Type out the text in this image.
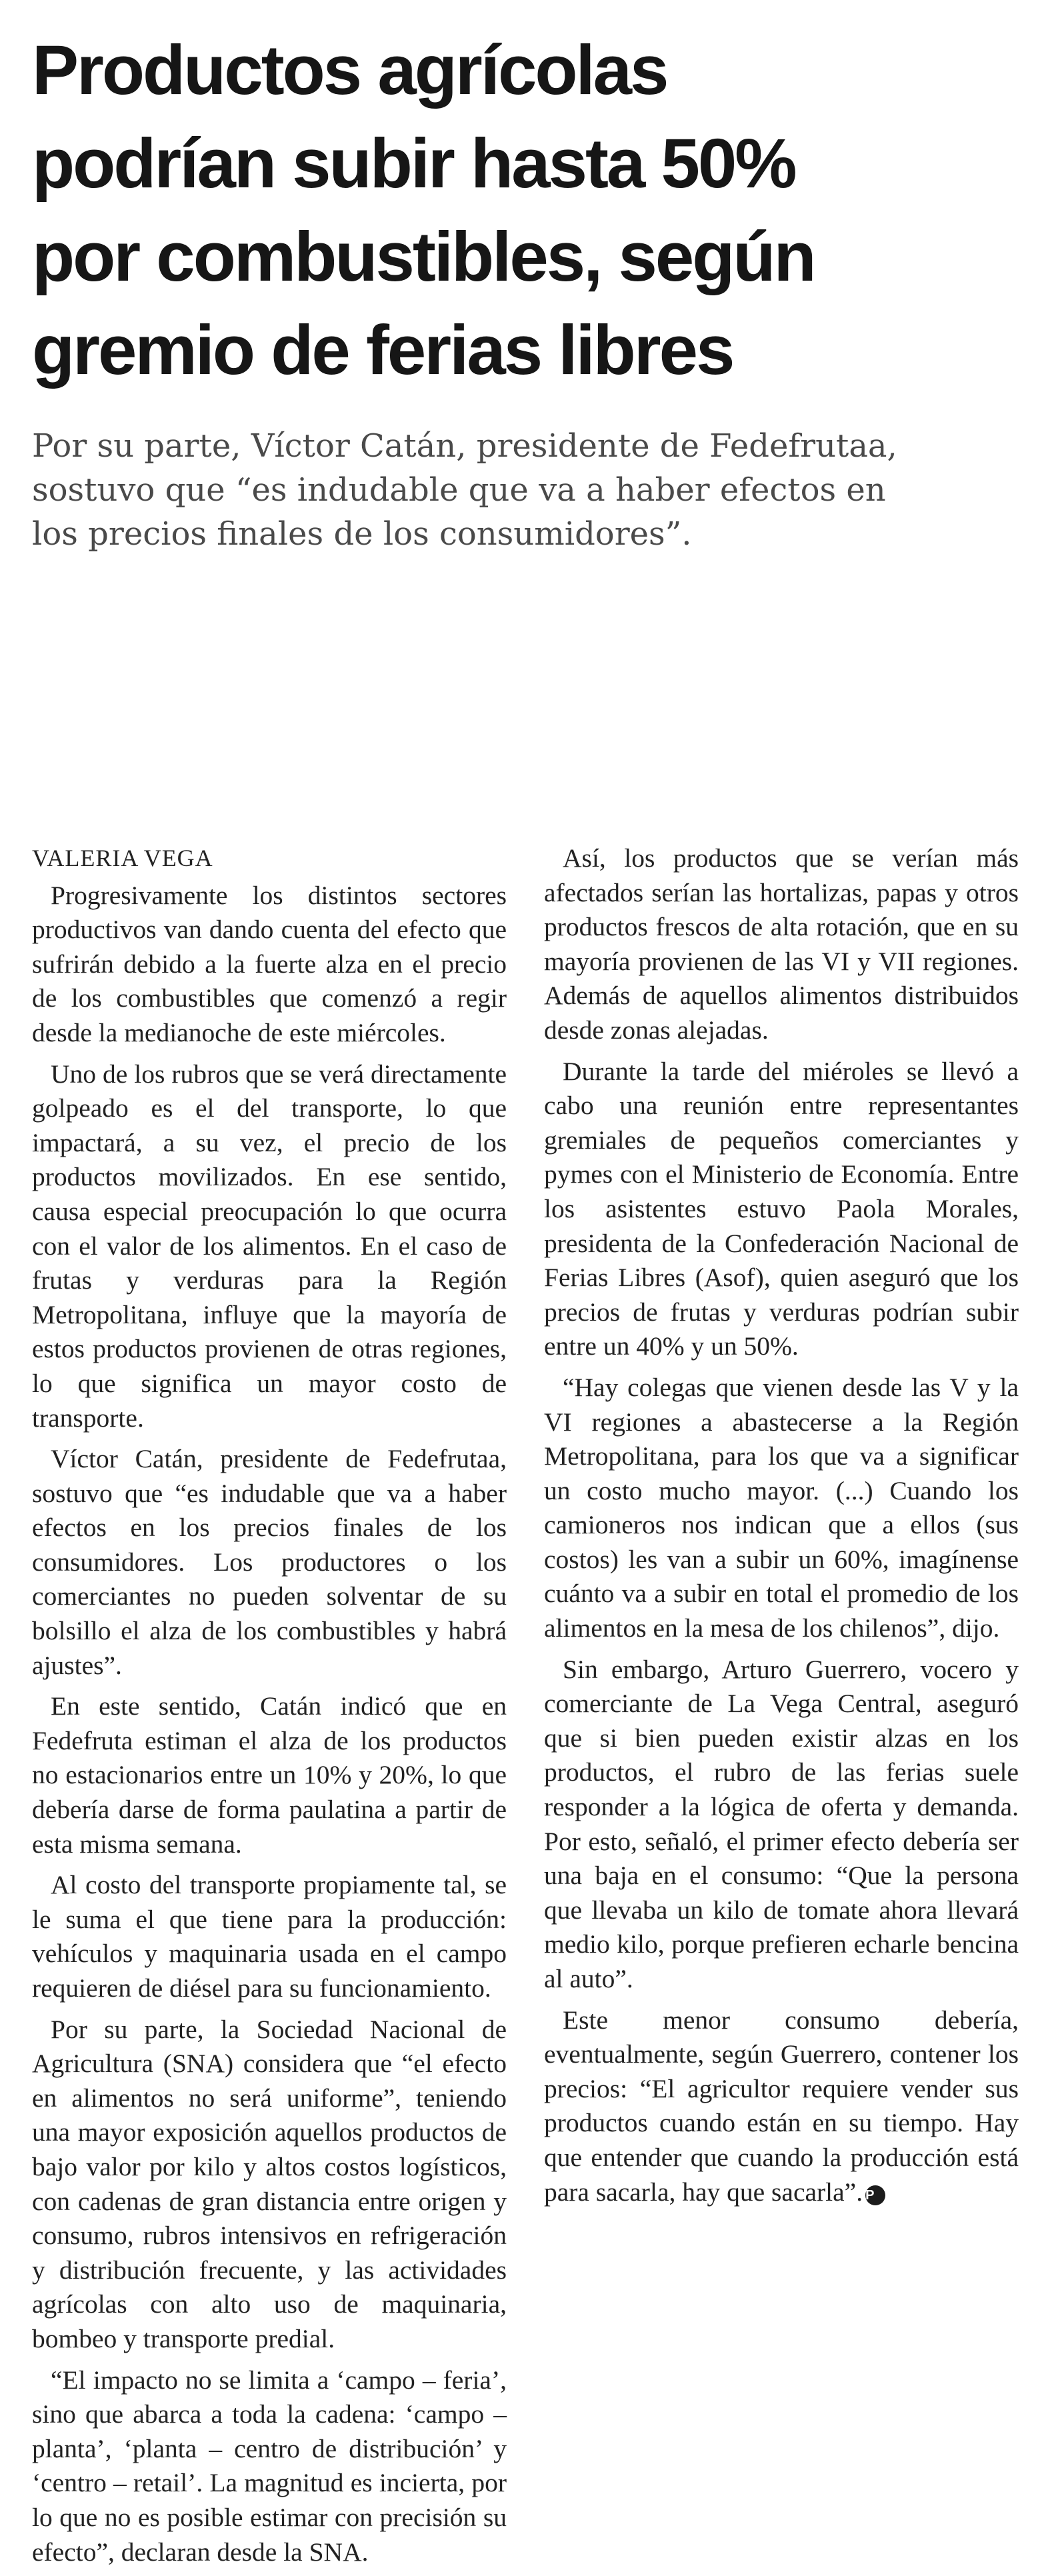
Productos agrícolas
podrían subir hasta 50%
por combustibles, según
gremio de ferias libres
Por su parte, Víctor Catán, presidente de Fedefrutaa,
sostuvo que “es indudable que va a haber efectos en
los precios finales de los consumidores”.
VALERIA VEGA

Progresivamente los distintos sectores productivos van dando cuenta del efecto que sufrirán debido a la fuerte alza en el precio de los combustibles que comenzó a regir desde la medianoche de este miércoles.

Uno de los rubros que se verá directamente golpeado es el del transporte, lo que impactará, a su vez, el precio de los productos movilizados. En ese sentido, causa especial preocupación lo que ocurra con el valor de los alimentos. En el caso de frutas y verduras para la Región Metropolitana, influye que la mayoría de estos productos provienen de otras regiones, lo que significa un mayor costo de transporte.

Víctor Catán, presidente de Fedefrutaa, sostuvo que “es indudable que va a haber efectos en los precios finales de los consumidores. Los productores o los comerciantes no pueden solventar de su bolsillo el alza de los combustibles y habrá ajustes”.

En este sentido, Catán indicó que en Fedefruta estiman el alza de los productos no estacionarios entre un 10% y 20%, lo que debería darse de forma paulatina a partir de esta misma semana.

Al costo del transporte propiamente tal, se le suma el que tiene para la producción: vehículos y maquinaria usada en el campo requieren de diésel para su funcionamiento.

Por su parte, la Sociedad Nacional de Agricultura (SNA) considera que “el efecto en alimentos no será uniforme”, teniendo una mayor exposición aquellos productos de bajo valor por kilo y altos costos logísticos, con cadenas de gran distancia entre origen y consumo, rubros intensivos en refrigeración y distribución frecuente, y las actividades agrícolas con alto uso de maquinaria, bombeo y transporte predial.

“El impacto no se limita a ‘campo – feria’, sino que abarca a toda la cadena: ‘campo – planta’, ‘planta – centro de distribución’ y ‘centro – retail’. La magnitud es incierta, por lo que no es posible estimar con precisión su efecto”, declaran desde la SNA.

Así, los productos que se verían más afectados serían las hortalizas, papas y otros productos frescos de alta rotación, que en su mayoría provienen de las VI y VII regiones. Además de aquellos alimentos distribuidos desde zonas alejadas.

Durante la tarde del miéroles se llevó a cabo una reunión entre representantes gremiales de pequeños comerciantes y pymes con el Ministerio de Economía. Entre los asistentes estuvo Paola Morales, presidenta de la Confederación Nacional de Ferias Libres (Asof), quien aseguró que los precios de frutas y verduras podrían subir entre un 40% y un 50%.

“Hay colegas que vienen desde las V y la VI regiones a abastecerse a la Región Metropolitana, para los que va a significar un costo mucho mayor. (...) Cuando los camioneros nos indican que a ellos (sus costos) les van a subir un 60%, imagínense cuánto va a subir en total el promedio de los alimentos en la mesa de los chilenos”, dijo.

Sin embargo, Arturo Guerrero, vocero y comerciante de La Vega Central, aseguró que si bien pueden existir alzas en los productos, el rubro de las ferias suele responder a la lógica de oferta y demanda. Por esto, señaló, el primer efecto debería ser una baja en el consumo: “Que la persona que llevaba un kilo de tomate ahora llevará medio kilo, porque prefieren echarle bencina al auto”.

Este menor consumo debería, eventualmente, según Guerrero, contener los precios: “El agricultor requiere vender sus productos cuando están en su tiempo. Hay que entender que cuando la producción está para sacarla, hay que sacarla”. P
